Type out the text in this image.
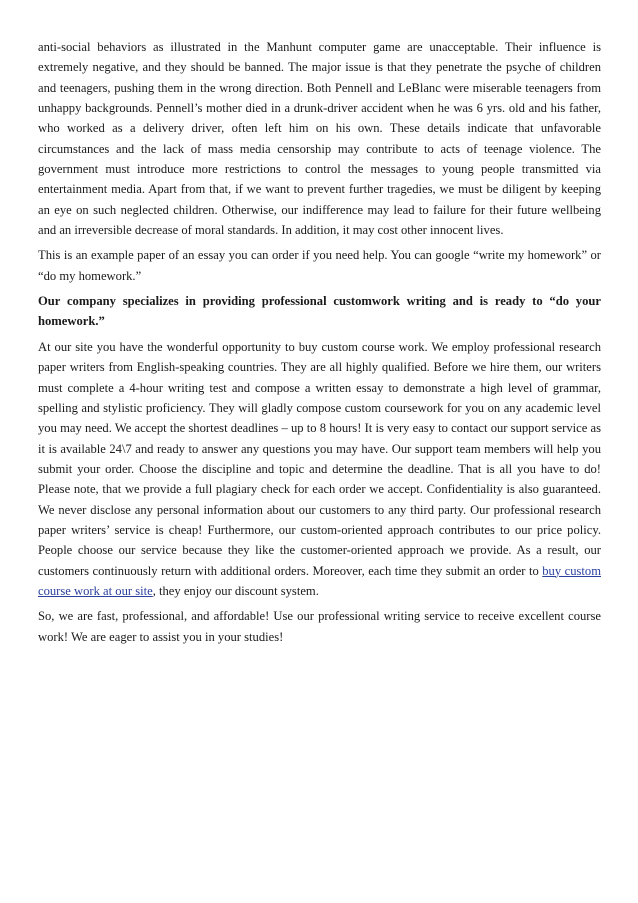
anti-social behaviors as illustrated in the Manhunt computer game are unacceptable. Their influence is extremely negative, and they should be banned. The major issue is that they penetrate the psyche of children and teenagers, pushing them in the wrong direction. Both Pennell and LeBlanc were miserable teenagers from unhappy backgrounds. Pennell’s mother died in a drunk-driver accident when he was 6 yrs. old and his father, who worked as a delivery driver, often left him on his own. These details indicate that unfavorable circumstances and the lack of mass media censorship may contribute to acts of teenage violence. The government must introduce more restrictions to control the messages to young people transmitted via entertainment media. Apart from that, if we want to prevent further tragedies, we must be diligent by keeping an eye on such neglected children. Otherwise, our indifference may lead to failure for their future wellbeing and an irreversible decrease of moral standards. In addition, it may cost other innocent lives.

This is an example paper of an essay you can order if you need help. You can google “write my homework” or “do my homework.”

Our company specializes in providing professional customwork writing and is ready to “do your homework.”

At our site you have the wonderful opportunity to buy custom course work. We employ professional research paper writers from English-speaking countries. They are all highly qualified. Before we hire them, our writers must complete a 4-hour writing test and compose a written essay to demonstrate a high level of grammar, spelling and stylistic proficiency. They will gladly compose custom coursework for you on any academic level you may need. We accept the shortest deadlines – up to 8 hours! It is very easy to contact our support service as it is available 24\7 and ready to answer any questions you may have. Our support team members will help you submit your order. Choose the discipline and topic and determine the deadline. That is all you have to do! Please note, that we provide a full plagiary check for each order we accept. Confidentiality is also guaranteed. We never disclose any personal information about our customers to any third party. Our professional research paper writers’ service is cheap! Furthermore, our custom-oriented approach contributes to our price policy. People choose our service because they like the customer-oriented approach we provide. As a result, our customers continuously return with additional orders. Moreover, each time they submit an order to buy custom course work at our site, they enjoy our discount system.

So, we are fast, professional, and affordable! Use our professional writing service to receive excellent course work! We are eager to assist you in your studies!
